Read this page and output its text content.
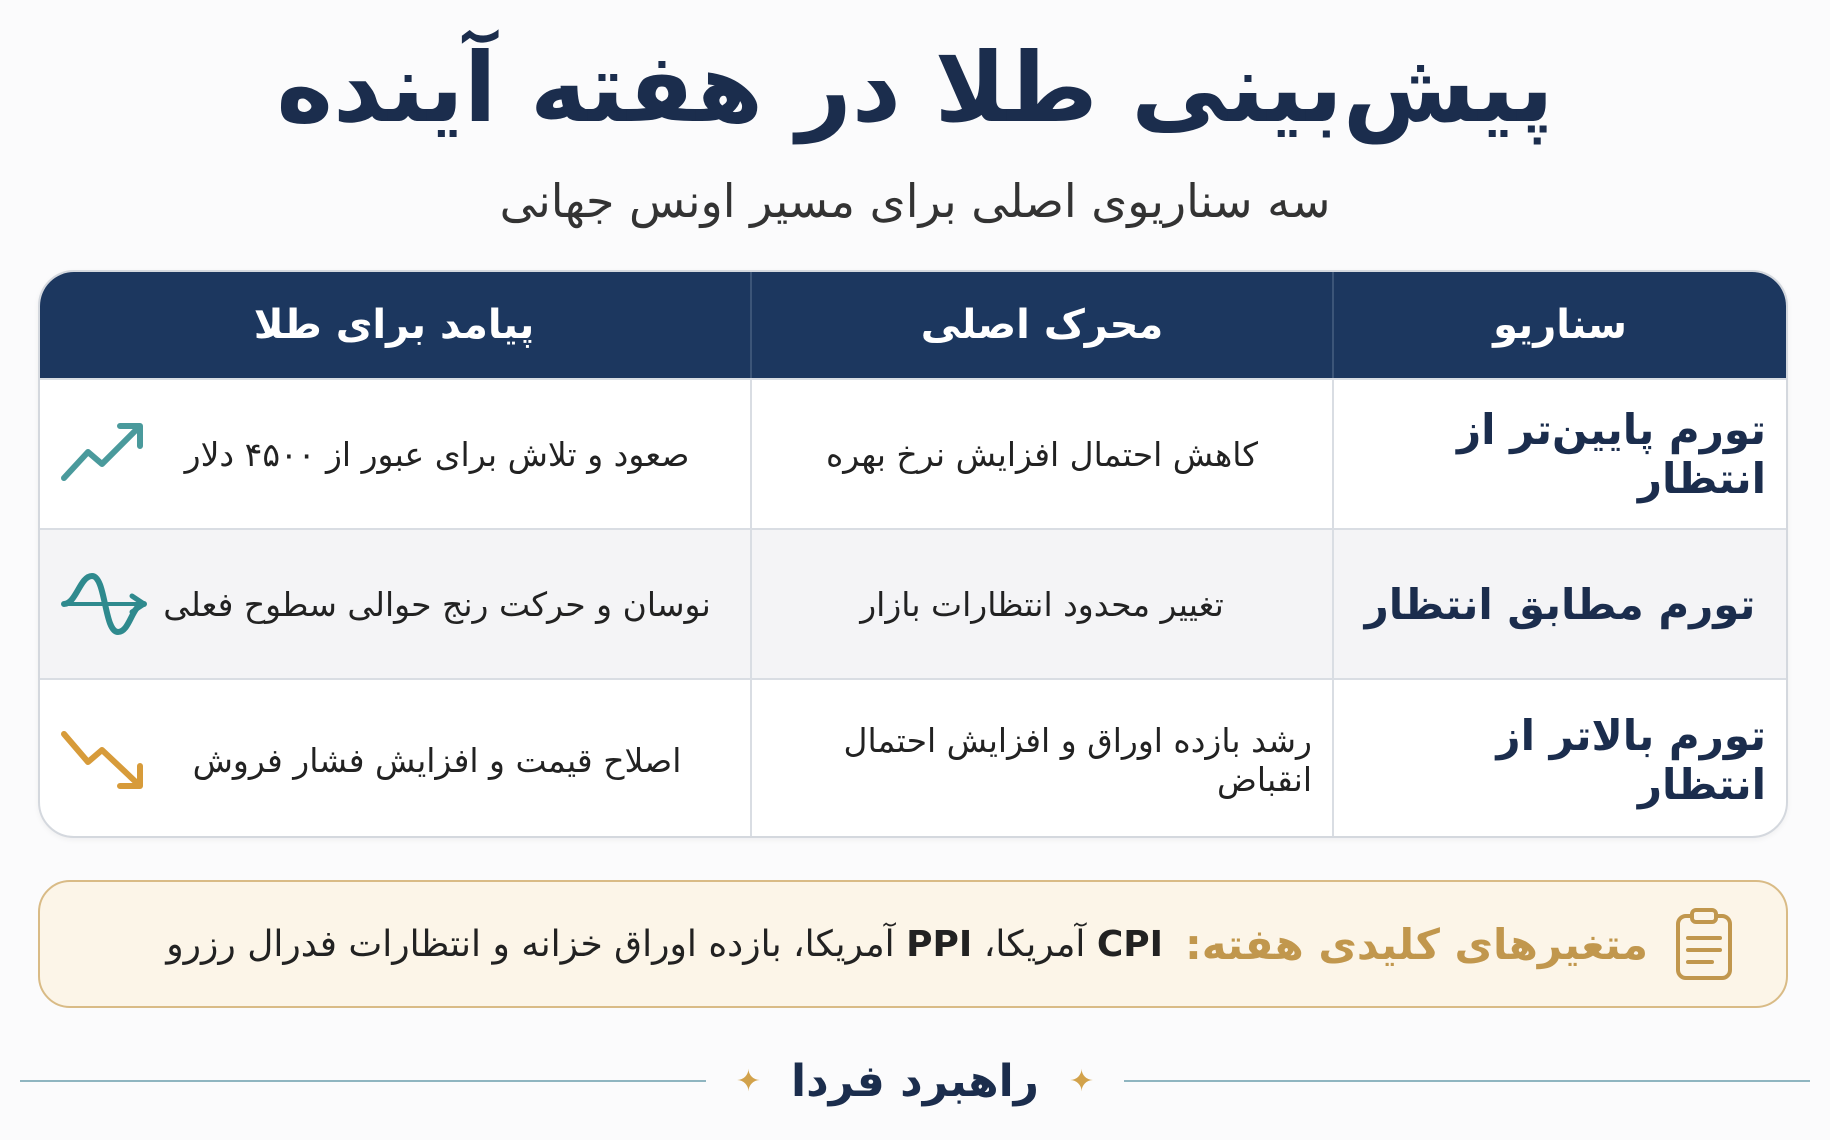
پیش‌بینی طلا در هفته آینده
سه سناریوی اصلی برای مسیر اونس جهانی
سناریو
محرک اصلی
پیامد برای طلا
تورم پایین‌تر از انتظار
کاهش احتمال افزایش نرخ بهره
صعود و تلاش برای عبور از ۴۵۰۰ دلار
تورم مطابق انتظار
تغییر محدود انتظارات بازار
نوسان و حرکت رنج حوالی سطوح فعلی
تورم بالاتر از انتظار
رشد بازده اوراق و افزایش احتمال انقباض
اصلاح قیمت و افزایش فشار فروش
متغیرهای کلیدی هفته:
CPI آمریکا، PPI آمریکا، بازده اوراق خزانه و انتظارات فدرال رزرو
✦
راهبرد فردا
✦
